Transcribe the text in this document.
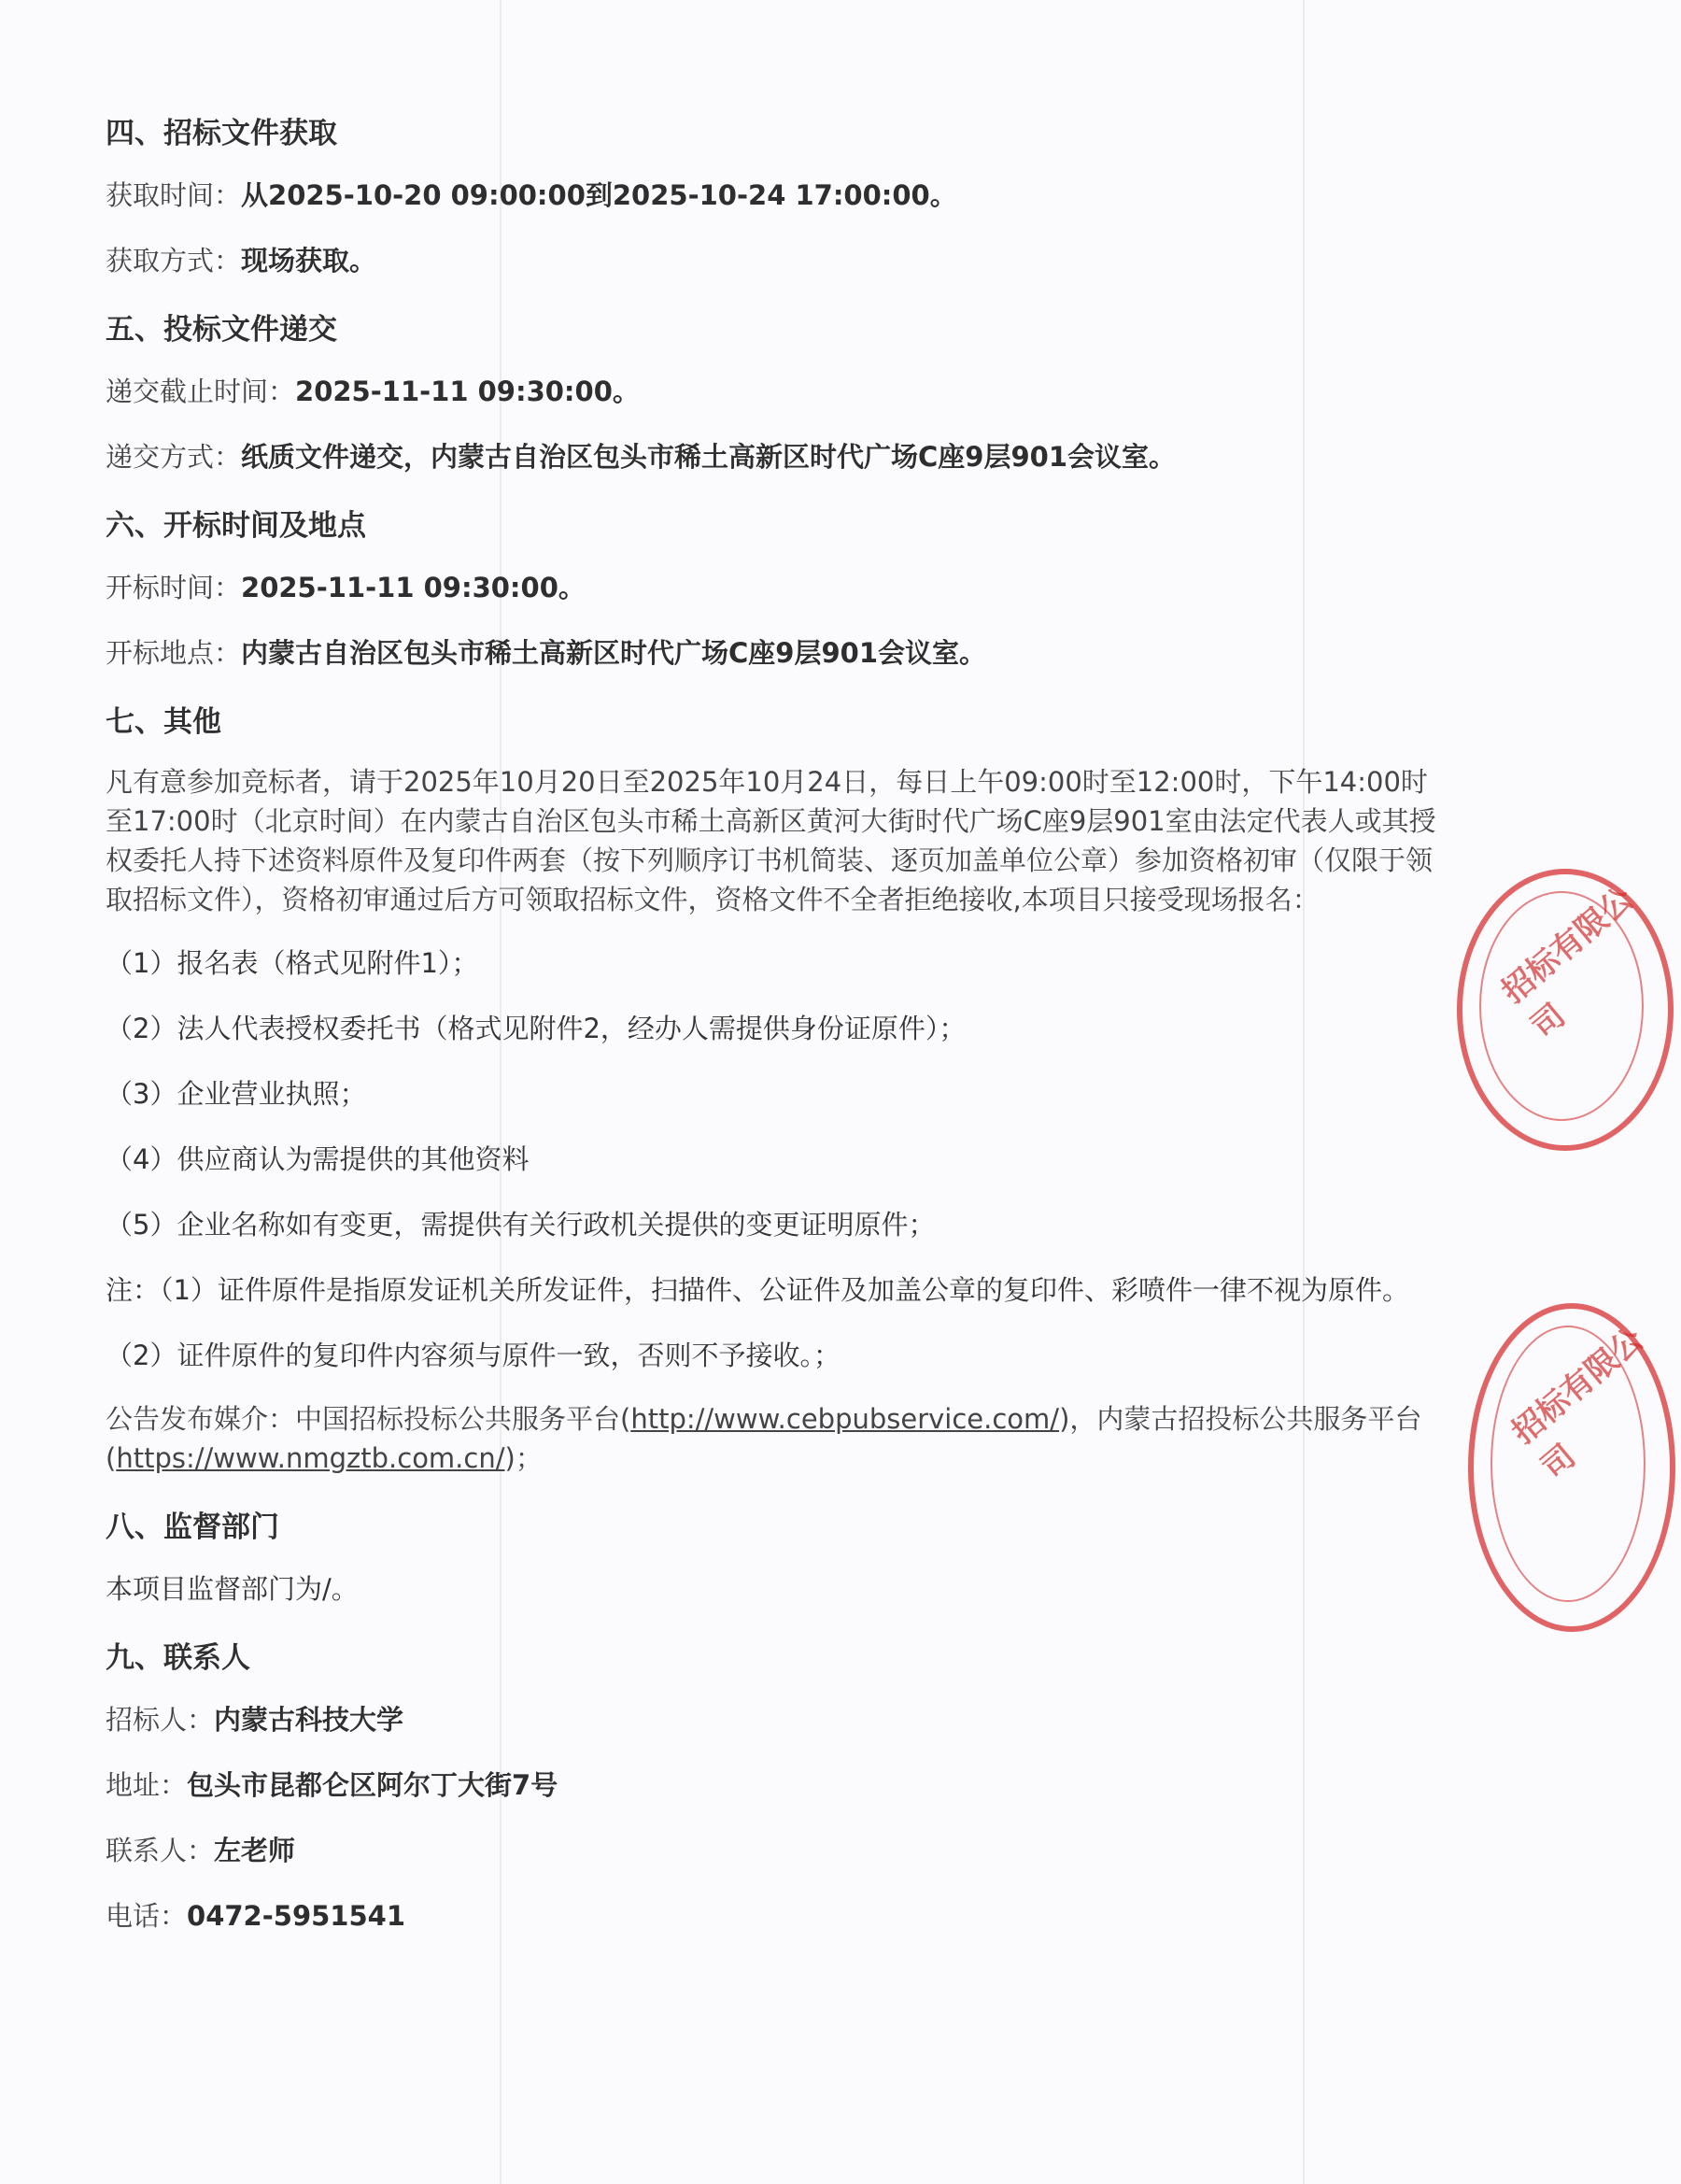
四、招标文件获取

获取时间：从2025-10-20 09:00:00到2025-10-24 17:00:00。

获取方式：现场获取。

五、投标文件递交

递交截止时间：2025-11-11 09:30:00。

递交方式：纸质文件递交，内蒙古自治区包头市稀土高新区时代广场C座9层901会议室。

六、开标时间及地点

开标时间：2025-11-11 09:30:00。

开标地点：内蒙古自治区包头市稀土高新区时代广场C座9层901会议室。

七、其他

凡有意参加竞标者，请于2025年10月20日至2025年10月24日，每日上午09:00时至12:00时，下午14:00时至17:00时（北京时间）在内蒙古自治区包头市稀土高新区黄河大街时代广场C座9层901室由法定代表人或其授权委托人持下述资料原件及复印件两套（按下列顺序订书机简装、逐页加盖单位公章）参加资格初审（仅限于领取招标文件），资格初审通过后方可领取招标文件，资格文件不全者拒绝接收,本项目只接受现场报名：

（1）报名表（格式见附件1）；

（2）法人代表授权委托书（格式见附件2，经办人需提供身份证原件）；

（3）企业营业执照；

（4）供应商认为需提供的其他资料

（5）企业名称如有变更，需提供有关行政机关提供的变更证明原件；

注：（1）证件原件是指原发证机关所发证件，扫描件、公证件及加盖公章的复印件、彩喷件一律不视为原件。

（2）证件原件的复印件内容须与原件一致，否则不予接收。；

公告发布媒介：中国招标投标公共服务平台(http://www.cebpubservice.com/)，内蒙古招投标公共服务平台
(https://www.nmgztb.com.cn/)；

八、监督部门

本项目监督部门为/。

九、联系人

招标人：内蒙古科技大学

地址：包头市昆都仑区阿尔丁大街7号

联系人：左老师

电话：0472-5951541

招标有限公司
招标有限公司
